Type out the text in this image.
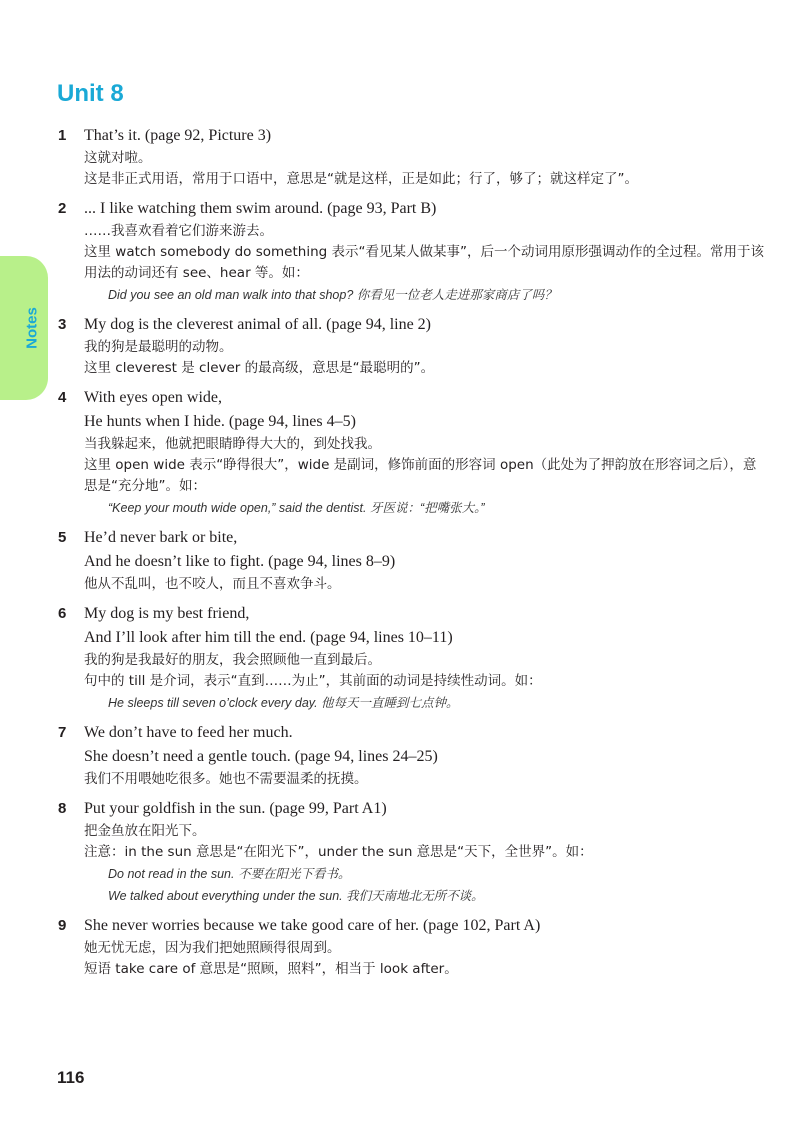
Notes
Unit 8
1 That’s it. (page 92, Picture 3)
这就对啦。
这是非正式用语，常用于口语中，意思是“就是这样，正是如此；行了，够了；就这样定了”。
2 ... I like watching them swim around. (page 93, Part B)
……我喜欢看着它们游来游去。
这里 watch somebody do something 表示“看见某人做某事”，后一个动词用原形强调动作的全过程。常用于该用法的动词还有 see、hear 等。如：
Did you see an old man walk into that shop? 你看见一位老人走进那家商店了吗？
3 My dog is the cleverest animal of all. (page 94, line 2)
我的狗是最聪明的动物。
这里 cleverest 是 clever 的最高级，意思是“最聪明的”。
4 With eyes open wide,
He hunts when I hide. (page 94, lines 4–5)
当我躲起来，他就把眼睛睁得大大的，到处找我。
这里 open wide 表示“睁得很大”，wide 是副词，修饰前面的形容词 open（此处为了押韵放在形容词之后），意思是“充分地”。如：
“Keep your mouth wide open,” said the dentist. 牙医说：“把嘴张大。”
5 He’d never bark or bite,
And he doesn’t like to fight. (page 94, lines 8–9)
他从不乱叫，也不咬人，而且不喜欢争斗。
6 My dog is my best friend,
And I’ll look after him till the end. (page 94, lines 10–11)
我的狗是我最好的朋友，我会照顾他一直到最后。
句中的 till 是介词，表示“直到……为止”，其前面的动词是持续性动词。如：
He sleeps till seven o’clock every day. 他每天一直睡到七点钟。
7 We don’t have to feed her much.
She doesn’t need a gentle touch. (page 94, lines 24–25)
我们不用喂她吃很多。她也不需要温柔的抚摸。
8 Put your goldfish in the sun. (page 99, Part A1)
把金鱼放在阳光下。
注意：in the sun 意思是“在阳光下”，under the sun 意思是“天下，全世界”。如：
Do not read in the sun. 不要在阳光下看书。
We talked about everything under the sun. 我们天南地北无所不谈。
9 She never worries because we take good care of her. (page 102, Part A)
她无忧无虑，因为我们把她照顾得很周到。
短语 take care of 意思是“照顾，照料”，相当于 look after。
116
